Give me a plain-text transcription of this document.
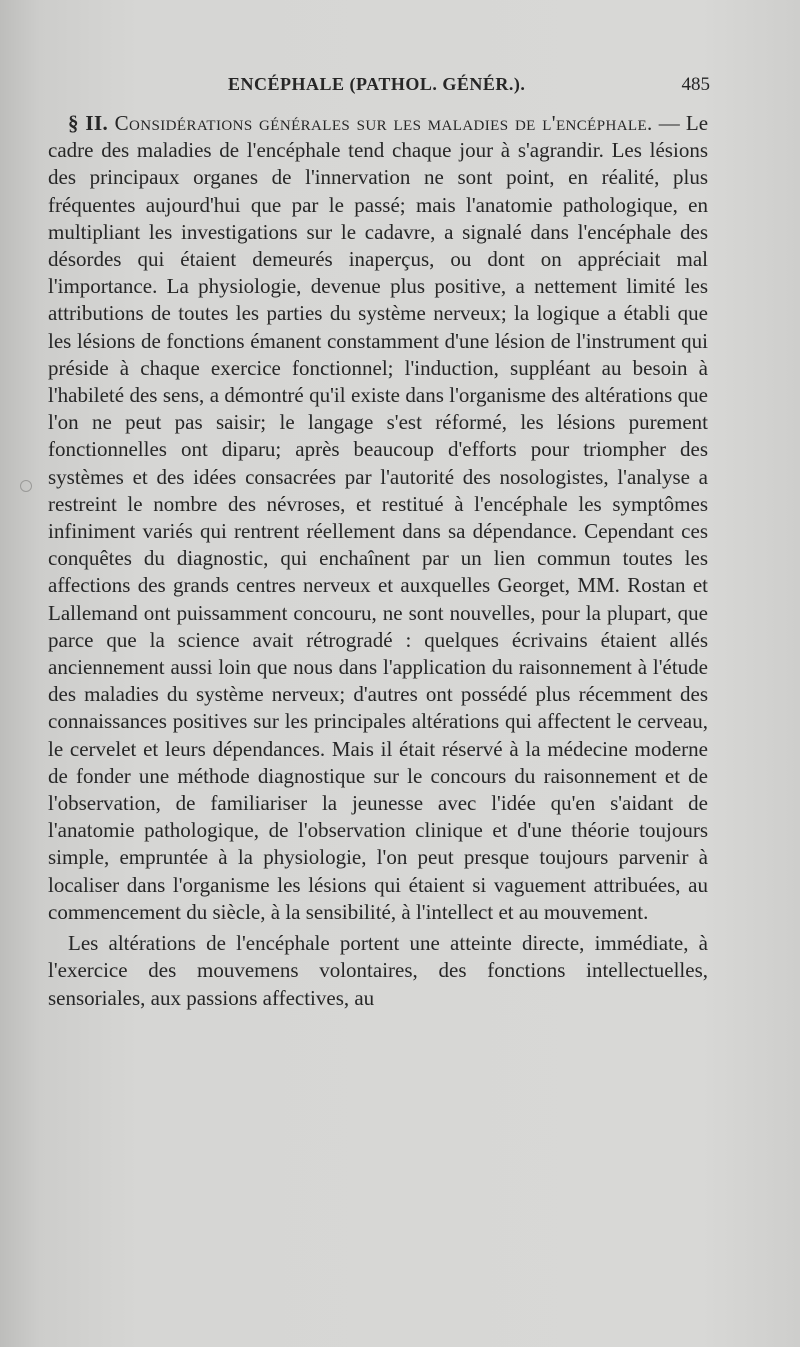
ENCÉPHALE (PATHOL. GÉNÉR.).	485

§ II. Considérations générales sur les maladies de l'encéphale. — Le cadre des maladies de l'encéphale tend chaque jour à s'agrandir. Les lésions des principaux organes de l'innervation ne sont point, en réalité, plus fréquentes aujourd'hui que par le passé; mais l'anatomie pathologique, en multipliant les investigations sur le cadavre, a signalé dans l'encéphale des désordes qui étaient demeurés inaperçus, ou dont on appréciait mal l'importance. La physiologie, devenue plus positive, a nettement limité les attributions de toutes les parties du système nerveux; la logique a établi que les lésions de fonctions émanent constamment d'une lésion de l'instrument qui préside à chaque exercice fonctionnel; l'induction, suppléant au besoin à l'habileté des sens, a démontré qu'il existe dans l'organisme des altérations que l'on ne peut pas saisir; le langage s'est réformé, les lésions purement fonctionnelles ont diparu; après beaucoup d'efforts pour triompher des systèmes et des idées consacrées par l'autorité des nosologistes, l'analyse a restreint le nombre des névroses, et restitué à l'encéphale les symptômes infiniment variés qui rentrent réellement dans sa dépendance. Cependant ces conquêtes du diagnostic, qui enchaînent par un lien commun toutes les affections des grands centres nerveux et auxquelles Georget, MM. Rostan et Lallemand ont puissamment concouru, ne sont nouvelles, pour la plupart, que parce que la science avait rétrogradé : quelques écrivains étaient allés anciennement aussi loin que nous dans l'application du raisonnement à l'étude des maladies du système nerveux; d'autres ont possédé plus récemment des connaissances positives sur les principales altérations qui affectent le cerveau, le cervelet et leurs dépendances. Mais il était réservé à la médecine moderne de fonder une méthode diagnostique sur le concours du raisonnement et de l'observation, de familiariser la jeunesse avec l'idée qu'en s'aidant de l'anatomie pathologique, de l'observation clinique et d'une théorie toujours simple, empruntée à la physiologie, l'on peut presque toujours parvenir à localiser dans l'organisme les lésions qui étaient si vaguement attribuées, au commencement du siècle, à la sensibilité, à l'intellect et au mouvement.

Les altérations de l'encéphale portent une atteinte directe, immédiate, à l'exercice des mouvemens volontaires, des fonctions intellectuelles, sensoriales, aux passions affectives, au
